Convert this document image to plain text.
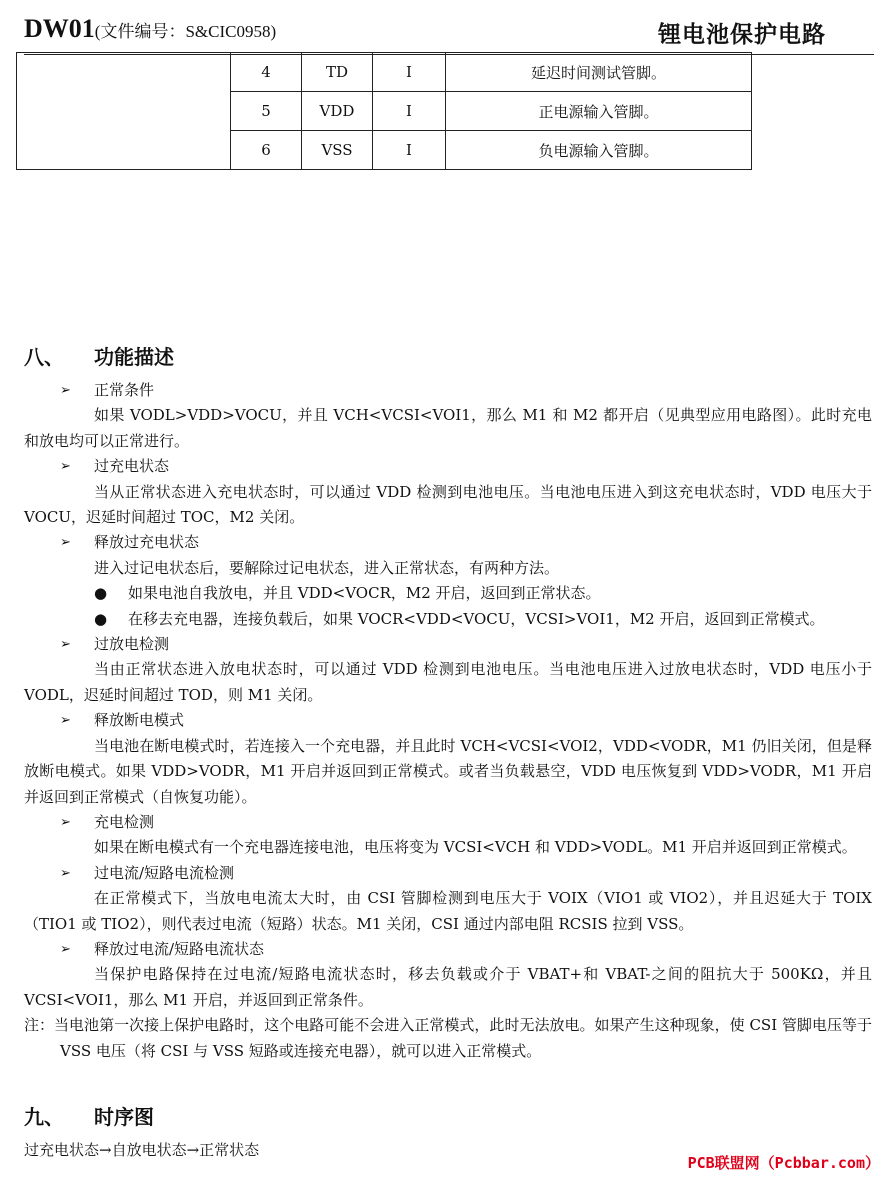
DW01(文件编号：S&CIC0958)	锂电池保护电路
	4	TD	I	延迟时间测试管脚。
	5	VDD	I	正电源输入管脚。
	6	VSS	I	负电源输入管脚。
八、 功能描述
➢ 正常条件
如果 VODL>VDD>VOCU，并且 VCH<VCSI<VOI1，那么 M1 和 M2 都开启（见典型应用电路图）。此时充电和放电均可以正常进行。
➢ 过充电状态
当从正常状态进入充电状态时，可以通过 VDD 检测到电池电压。当电池电压进入到这充电状态时，VDD 电压大于 VOCU，迟延时间超过 TOC，M2 关闭。
➢ 释放过充电状态
进入过记电状态后，要解除过记电状态，进入正常状态，有两种方法。
● 如果电池自我放电，并且 VDD<VOCR，M2 开启，返回到正常状态。
● 在移去充电器，连接负载后，如果 VOCR<VDD<VOCU，VCSI>VOI1，M2 开启，返回到正常模式。
➢ 过放电检测
当由正常状态进入放电状态时，可以通过 VDD 检测到电池电压。当电池电压进入过放电状态时，VDD 电压小于 VODL，迟延时间超过 TOD，则 M1 关闭。
➢ 释放断电模式
当电池在断电模式时，若连接入一个充电器，并且此时 VCH<VCSI<VOI2，VDD<VODR，M1 仍旧关闭，但是释放断电模式。如果 VDD>VODR，M1 开启并返回到正常模式。或者当负载悬空，VDD 电压恢复到 VDD>VODR，M1 开启并返回到正常模式（自恢复功能）。
➢ 充电检测
如果在断电模式有一个充电器连接电池，电压将变为 VCSI<VCH 和 VDD>VODL。M1 开启并返回到正常模式。
➢ 过电流/短路电流检测
在正常模式下，当放电电流太大时，由 CSI 管脚检测到电压大于 VOIX（VIO1 或 VIO2），并且迟延大于 TOIX（TIO1 或 TIO2），则代表过电流（短路）状态。M1 关闭，CSI 通过内部电阻 RCSIS 拉到 VSS。
➢ 释放过电流/短路电流状态
当保护电路保持在过电流/短路电流状态时，移去负载或介于 VBAT+和 VBAT-之间的阻抗大于 500KΩ，并且 VCSI<VOI1，那么 M1 开启，并返回到正常条件。
注：当电池第一次接上保护电路时，这个电路可能不会进入正常模式，此时无法放电。如果产生这种现象，使 CSI 管脚电压等于 VSS 电压（将 CSI 与 VSS 短路或连接充电器），就可以进入正常模式。
九、 时序图
过充电状态→自放电状态→正常状态
PCB联盟网（Pcbbar.com）
